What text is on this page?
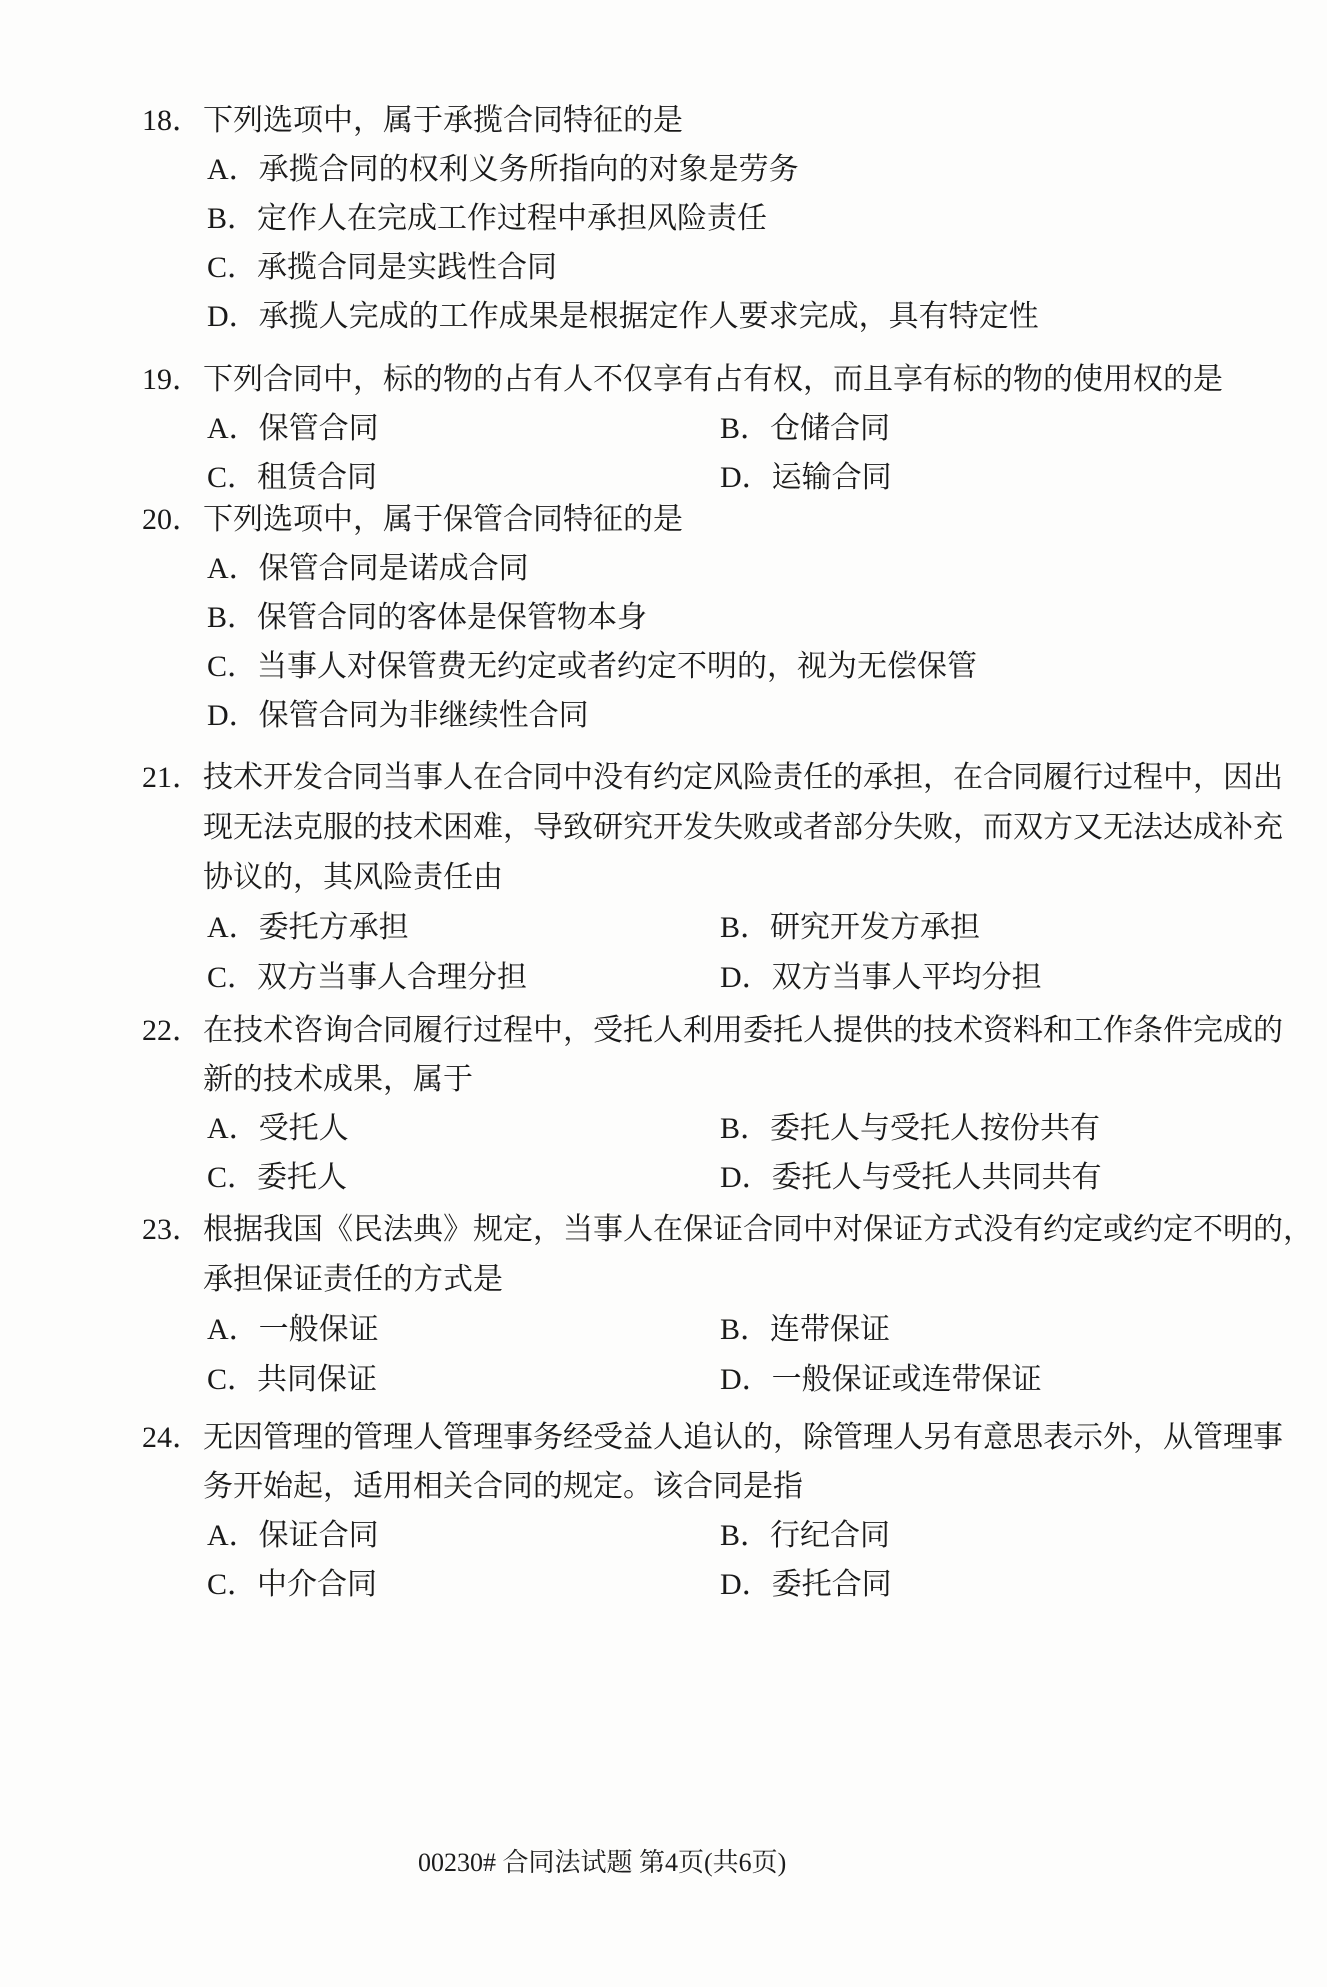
18．下列选项中，属于承揽合同特征的是
A．承揽合同的权利义务所指向的对象是劳务
B．定作人在完成工作过程中承担风险责任
C．承揽合同是实践性合同
D．承揽人完成的工作成果是根据定作人要求完成，具有特定性
19．下列合同中，标的物的占有人不仅享有占有权，而且享有标的物的使用权的是
A．保管合同	B．仓储合同
C．租赁合同	D．运输合同
20．下列选项中，属于保管合同特征的是
A．保管合同是诺成合同
B．保管合同的客体是保管物本身
C．当事人对保管费无约定或者约定不明的，视为无偿保管
D．保管合同为非继续性合同
21．技术开发合同当事人在合同中没有约定风险责任的承担，在合同履行过程中，因出
现无法克服的技术困难，导致研究开发失败或者部分失败，而双方又无法达成补充
协议的，其风险责任由
A．委托方承担	B．研究开发方承担
C．双方当事人合理分担	D．双方当事人平均分担
22．在技术咨询合同履行过程中，受托人利用委托人提供的技术资料和工作条件完成的
新的技术成果，属于
A．受托人	B．委托人与受托人按份共有
C．委托人	D．委托人与受托人共同共有
23．根据我国《民法典》规定，当事人在保证合同中对保证方式没有约定或约定不明的，
承担保证责任的方式是
A．一般保证	B．连带保证
C．共同保证	D．一般保证或连带保证
24．无因管理的管理人管理事务经受益人追认的，除管理人另有意思表示外，从管理事
务开始起，适用相关合同的规定。该合同是指
A．保证合同	B．行纪合同
C．中介合同	D．委托合同
00230# 合同法试题 第4页(共6页)
